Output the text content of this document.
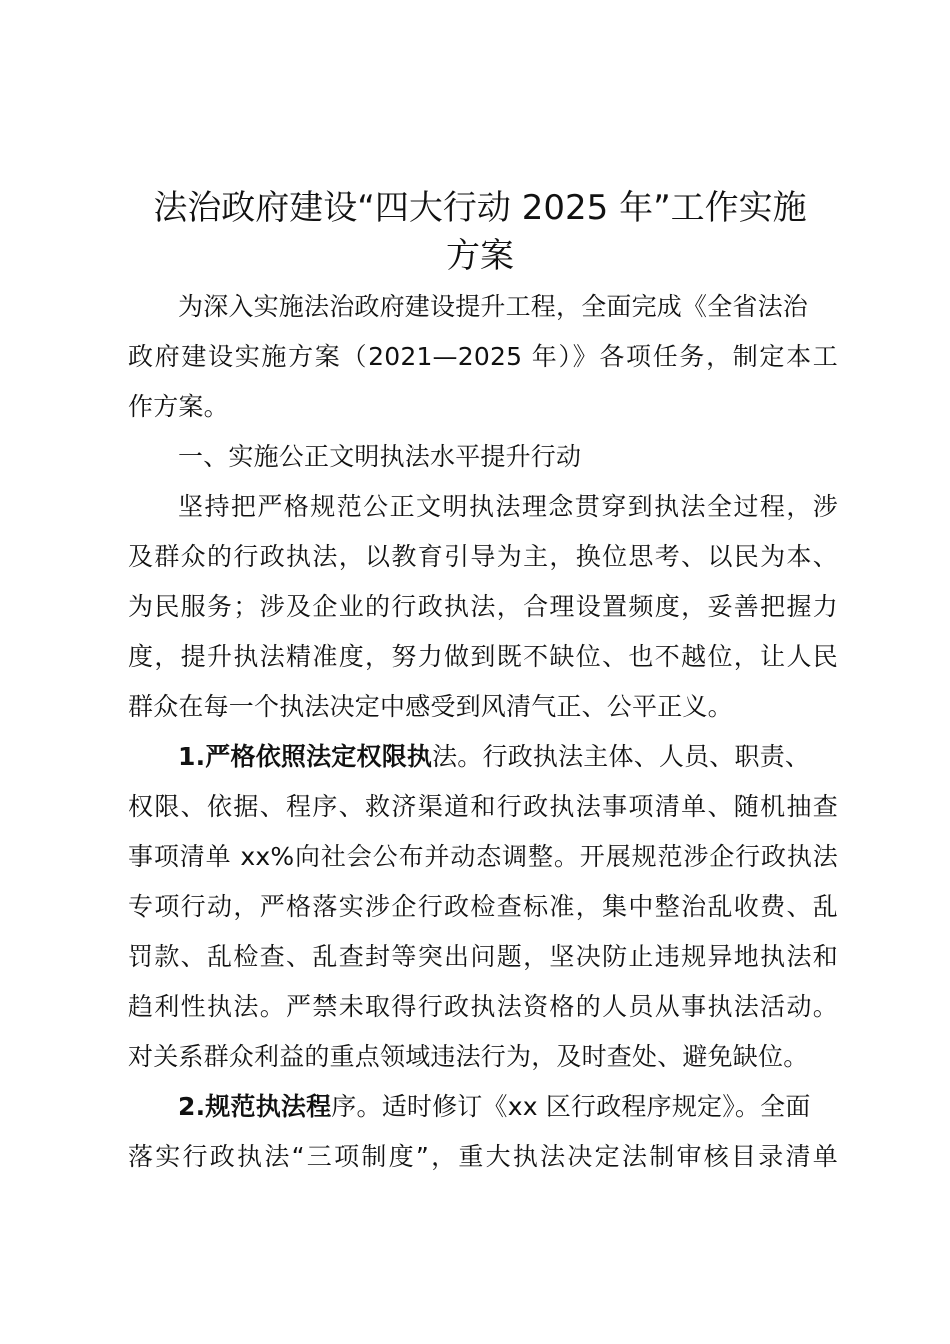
法治政府建设“四大行动 2025 年”工作实施
方案
为深入实施法治政府建设提升工程，全面完成《全省法治
政府建设实施方案（2021—2025 年）》各项任务，制定本工
作方案。
一、实施公正文明执法水平提升行动
坚持把严格规范公正文明执法理念贯穿到执法全过程，涉
及群众的行政执法，以教育引导为主，换位思考、以民为本、
为民服务；涉及企业的行政执法，合理设置频度，妥善把握力
度，提升执法精准度，努力做到既不缺位、也不越位，让人民
群众在每一个执法决定中感受到风清气正、公平正义。
1.严格依照法定权限执法。行政执法主体、人员、职责、
权限、依据、程序、救济渠道和行政执法事项清单、随机抽查
事项清单 xx%向社会公布并动态调整。开展规范涉企行政执法
专项行动，严格落实涉企行政检查标准，集中整治乱收费、乱
罚款、乱检查、乱查封等突出问题，坚决防止违规异地执法和
趋利性执法。严禁未取得行政执法资格的人员从事执法活动。
对关系群众利益的重点领域违法行为，及时查处、避免缺位。
2.规范执法程序。适时修订《xx 区行政程序规定》。全面
落实行政执法“三项制度”，重大执法决定法制审核目录清单
